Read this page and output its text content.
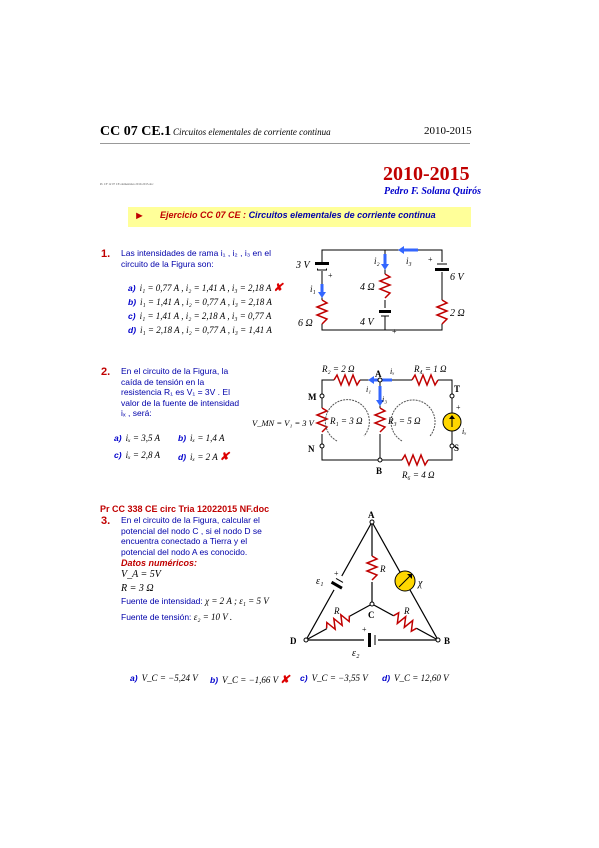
CC 07 CE.1 Circuitos elementales de corriente continua	2010-2015
Pr. CF 12 07 CE elementales 2010-2015.doc	2010-2015
Pedro F. Solana Quirós
► Ejercicio CC 07 CE : Circuitos elementales de corriente continua
1. Las intensidades de rama i₁ , i₂ , i₃ en el
circuito de la Figura son:
a) i₁ = 0,77 A , i₂ = 1,41 A , i₃ = 2,18 A ✘
b) i₁ = 1,41 A , i₂ = 0,77 A , i₃ = 2,18 A
c) i₁ = 1,41 A , i₂ = 2,18 A , i₃ = 0,77 A
d) i₁ = 2,18 A , i₂ = 0,77 A , i₃ = 1,41 A
3 V
+
i₁
6 Ω
i₂	i₃
4 Ω
4 V
+
+
6 V
2 Ω
2. En el circuito de la Figura, la
caída de tensión en la
resistencia R₁ es V₁ = 3V . El
valor de la fuente de intensidad
iₓ , será:
a) iₓ = 3,5 A b) iₓ = 1,4 A
c) iₓ = 2,8 A d) iₓ = 2 A ✘
R₂ = 2 Ω	R₄ = 1 Ω
A
i₁
iₓ
i₃
M
N
V_MN = V₁ = 3 V R₁ = 3 Ω	R₃ = 5 Ω
B R₆ = 4 Ω
T
S
+
iₓ
Pr CC 338 CE circ Tria 12022015 NF.doc
3. En el circuito de la Figura, calcular el
potencial del nodo C , si el nodo D se
encuentra conectado a Tierra y el
potencial del nodo A es conocido.
Datos numéricos:
V_A = 5V
R = 3 Ω
Fuente de intensidad: χ = 2 A ; ε₁ = 5 V
Fuente de tensión: ε₂ = 10 V .
A
C
D	B
R
R	R
ε₁
+
χ
ε₂
+
a) V_C = −5,24 V b) V_C = −1,66 V ✘ c) V_C = −3,55 V d) V_C = 12,60 V
